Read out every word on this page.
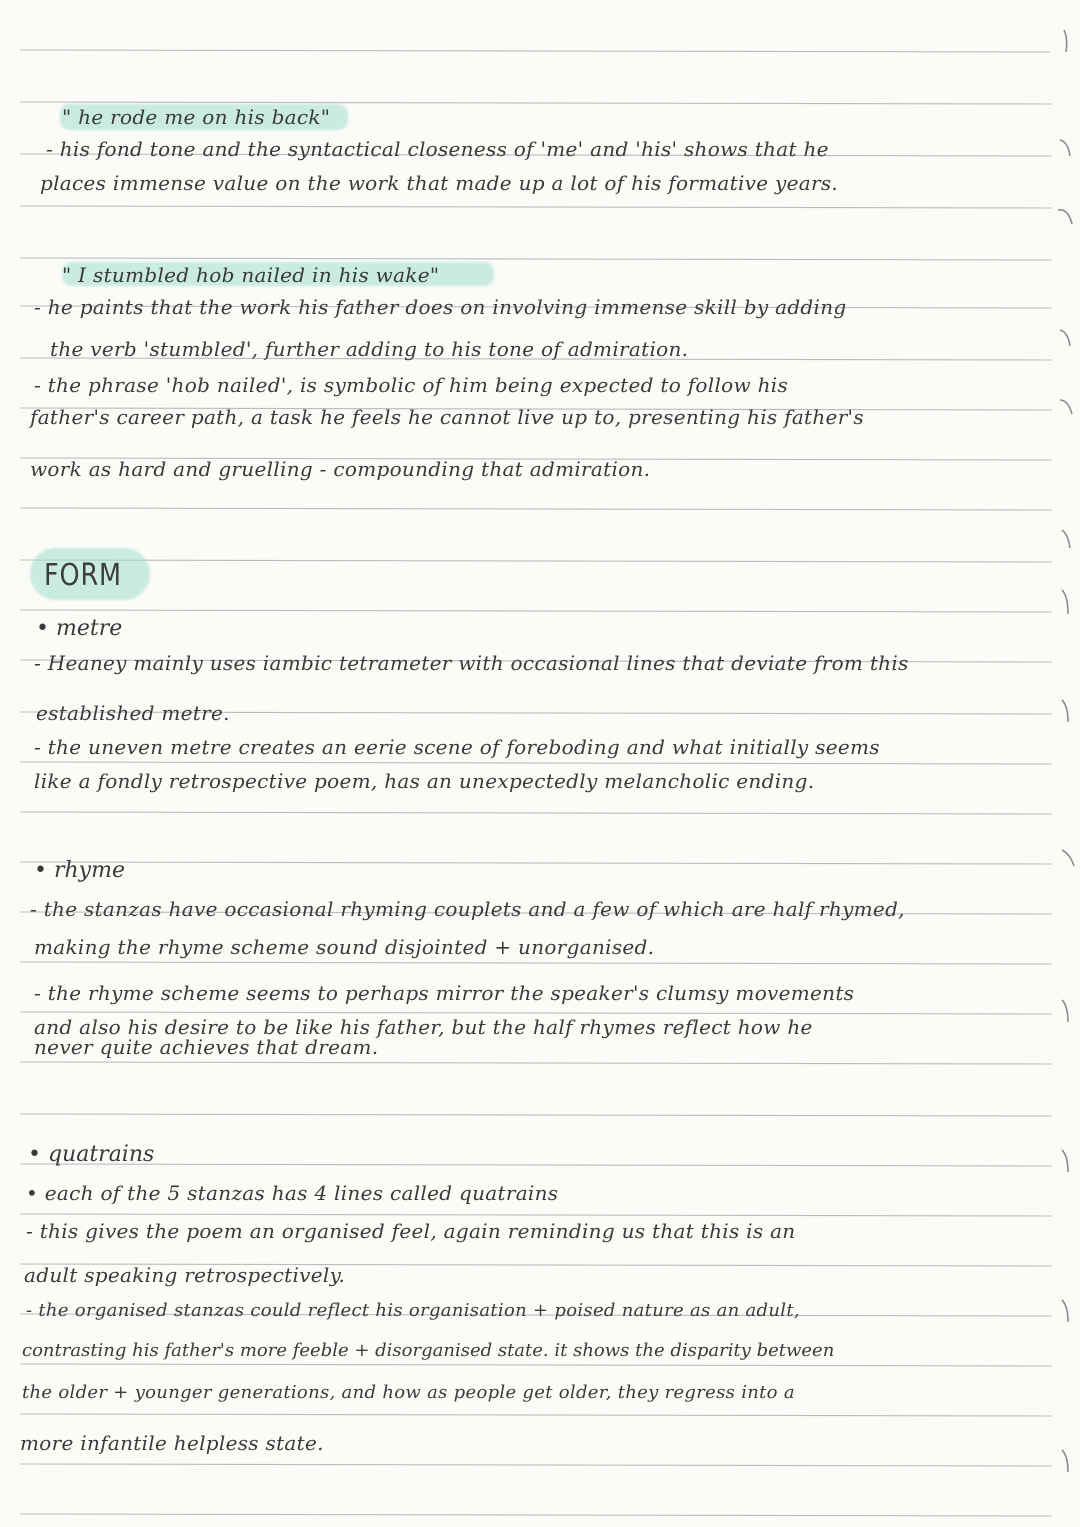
" he rode me on his back"
- his fond tone and the syntactical closeness of 'me' and 'his' shows that he
places immense value on the work that made up a lot of his formative years.
" I stumbled hob nailed in his wake"
- he paints that the work his father does on involving immense skill by adding
the verb 'stumbled', further adding to his tone of admiration.
- the phrase 'hob nailed', is symbolic of him being expected to follow his
father's career path, a task he feels he cannot live up to, presenting his father's
work as hard and gruelling - compounding that admiration.
FORM
• metre
- Heaney mainly uses iambic tetrameter with occasional lines that deviate from this
established metre.
- the uneven metre creates an eerie scene of foreboding and what initially seems
like a fondly retrospective poem, has an unexpectedly melancholic ending.
• rhyme
- the stanzas have occasional rhyming couplets and a few of which are half rhymed,
making the rhyme scheme sound disjointed + unorganised.
- the rhyme scheme seems to perhaps mirror the speaker's clumsy movements
and also his desire to be like his father, but the half rhymes reflect how he
never quite achieves that dream.
• quatrains
• each of the 5 stanzas has 4 lines called quatrains
- this gives the poem an organised feel, again reminding us that this is an
adult speaking retrospectively.
- the organised stanzas could reflect his organisation + poised nature as an adult,
contrasting his father's more feeble + disorganised state. it shows the disparity between
the older + younger generations, and how as people get older, they regress into a
more infantile helpless state.
